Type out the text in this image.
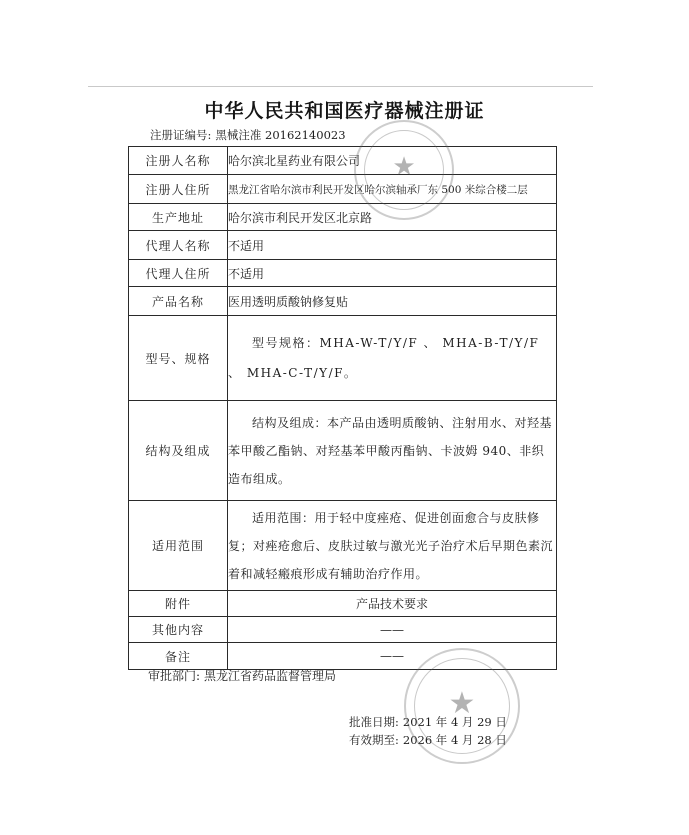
中华人民共和国医疗器械注册证
注册证编号: 黑械注准 20162140023
注册人名称	哈尔滨北星药业有限公司
注册人住所	黑龙江省哈尔滨市利民开发区哈尔滨轴承厂东 500 米综合楼二层
生产地址	哈尔滨市利民开发区北京路
代理人名称	不适用
代理人住所	不适用
产品名称	医用透明质酸钠修复贴
型号、规格	型号规格：MHA-W-T/Y/F 、 MHA-B-T/Y/F 、 MHA-C-T/Y/F。

结构及组成	结构及组成：本产品由透明质酸钠、注射用水、对羟基苯甲酸乙酯钠、对羟基苯甲酸丙酯钠、卡波姆 940、非织造布组成。

适用范围	适用范围：用于轻中度痤疮、促进创面愈合与皮肤修复；对痤疮愈后、皮肤过敏与激光光子治疗术后早期色素沉着和减轻瘢痕形成有辅助治疗作用。

附件	产品技术要求
其他内容	——
备注	——
审批部门: 黑龙江省药品监督管理局
批准日期: 2021 年 4 月 29 日
有效期至: 2026 年 4 月 28 日
★
★
